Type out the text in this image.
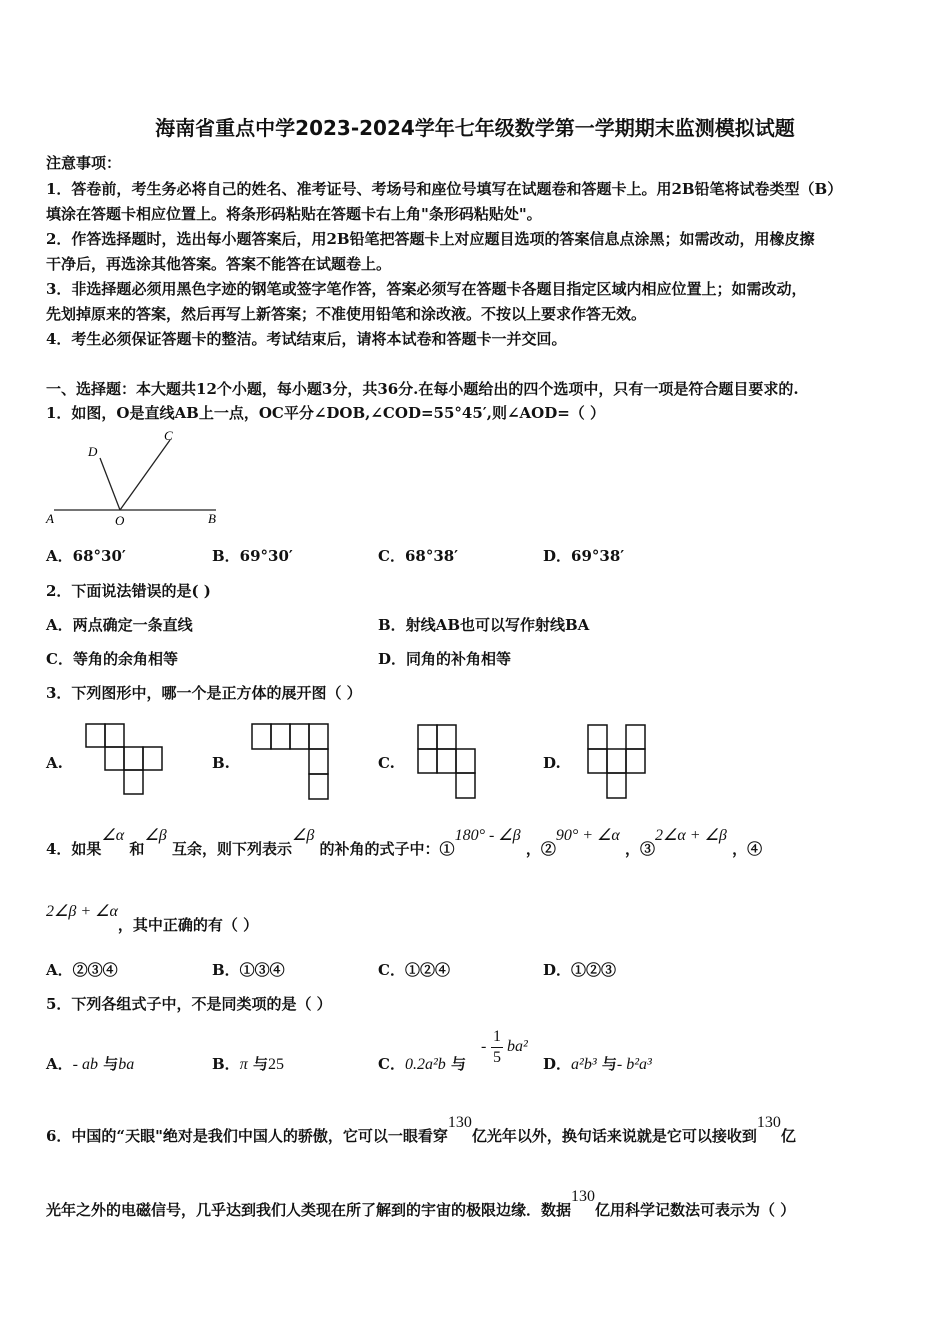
海南省重点中学2023-2024学年七年级数学第一学期期末监测模拟试题
注意事项：
1．答卷前，考生务必将自己的姓名、准考证号、考场号和座位号填写在试题卷和答题卡上。用2B铅笔将试卷类型（B）
填涂在答题卡相应位置上。将条形码粘贴在答题卡右上角"条形码粘贴处"。
2．作答选择题时，选出每小题答案后，用2B铅笔把答题卡上对应题目选项的答案信息点涂黑；如需改动，用橡皮擦
干净后，再选涂其他答案。答案不能答在试题卷上。
3．非选择题必须用黑色字迹的钢笔或签字笔作答，答案必须写在答题卡各题目指定区域内相应位置上；如需改动，
先划掉原来的答案，然后再写上新答案；不准使用铅笔和涂改液。不按以上要求作答无效。
4．考生必须保证答题卡的整洁。考试结束后，请将本试卷和答题卡一并交回。
一、选择题：本大题共12个小题，每小题3分，共36分.在每小题给出的四个选项中，只有一项是符合题目要求的.
1．如图，O是直线AB上一点，OC平分∠DOB,∠COD=55°45′,则∠AOD=（ ）
D
C
A	O	B
A．68°30′	B．69°30′	C．68°38′	D．69°38′
2．下面说法错误的是( )
A．两点确定一条直线	B．射线AB也可以写作射线BA
C．等角的余角相等	D．同角的补角相等
3．下列图形中，哪一个是正方体的展开图（ ）
A.	B.	C.	D.
4．如果∠α 和∠β 互余，则下列表示∠β 的补角的式子中：①180° - ∠β ，②90° + ∠α ，③2∠α + ∠β ，④
2∠β + ∠α，其中正确的有（ ）
A．②③④	B．①③④	C．①②④	D．①②③
5．下列各组式子中，不是同类项的是（ ）
A．- ab 与ba	B．π 与25	C．0.2a²b 与
-
1
5
ba²
D．a²b³ 与- b²a³
6．中国的“天眼"绝对是我们中国人的骄傲，它可以一眼看穿130亿光年以外，换句话来说就是它可以接收到130亿
光年之外的电磁信号，几乎达到我们人类现在所了解到的宇宙的极限边缘．数据130亿用科学记数法可表示为（ ）
